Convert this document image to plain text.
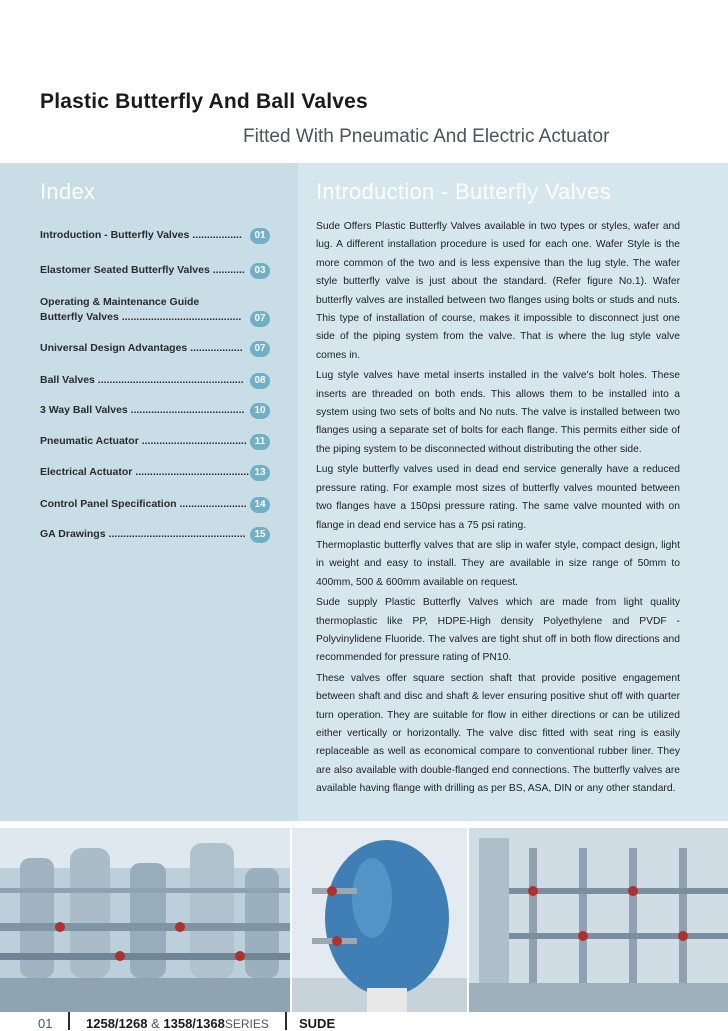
Plastic Butterfly And Ball Valves
Fitted With Pneumatic And Electric Actuator
Index	Introduction - Butterfly Valves
Introduction - Butterfly Valves .................	01
Elastomer Seated Butterfly Valves ........... 03
Operating & Maintenance Guide
Butterfly Valves .........................................	07
Universal Design Advantages ..................	07
Ball Valves ..................................................	08
3 Way Ball Valves .......................................	10
Pneumatic Actuator .................................... 11
Electrical Actuator ....................................... 13
Control Panel Specification ....................... 14
GA Drawings ............................................... 15

Sude Offers Plastic Butterfly Valves available in two types or styles, wafer and lug. A different installation procedure is used for each one. Wafer Style is the more common of the two and is less expensive than the lug style. The wafer style butterfly valve is just about the standard. (Refer figure No.1). Wafer butterfly valves are installed between two flanges using bolts or studs and nuts. This type of installation of course, makes it impossible to disconnect just one side of the piping system from the valve. That is where the lug style valve comes in.

Lug style valves have metal inserts installed in the valve's bolt holes. These inserts are threaded on both ends. This allows them to be installed into a system using two sets of bolts and No nuts. The valve is installed between two flanges using a separate set of bolts for each flange. This permits either side of the piping system to be disconnected without distributing the other side.

Lug style butterfly valves used in dead end service generally have a reduced pressure rating. For example most sizes of butterfly valves mounted between two flanges have a 150psi pressure rating. The same valve mounted with on flange in dead end service has a 75 psi rating.

Thermoplastic butterfly valves that are slip in wafer style, compact design, light in weight and easy to install. They are available in size range of 50mm to 400mm, 500 & 600mm available on request.

Sude supply Plastic Butterfly Valves which are made from light quality thermoplastic like PP, HDPE-High density Polyethylene and PVDF - Polyvinylidene Fluoride. The valves are tight shut off in both flow directions and recommended for pressure rating of PN10.

These valves offer square section shaft that provide positive engagement between shaft and disc and shaft & lever ensuring positive shut off with quarter turn operation. They are suitable for flow in either directions or can be utilized either vertically or horizontally. The valve disc fitted with seat ring is easily replaceable as well as economical compare to conventional rubber liner. They are also available with double-flanged end connections. The butterfly valves are available having flange with drilling as per BS, ASA, DIN or any other standard.

01	1258/1268 & 1358/1368SERIES SUDE
